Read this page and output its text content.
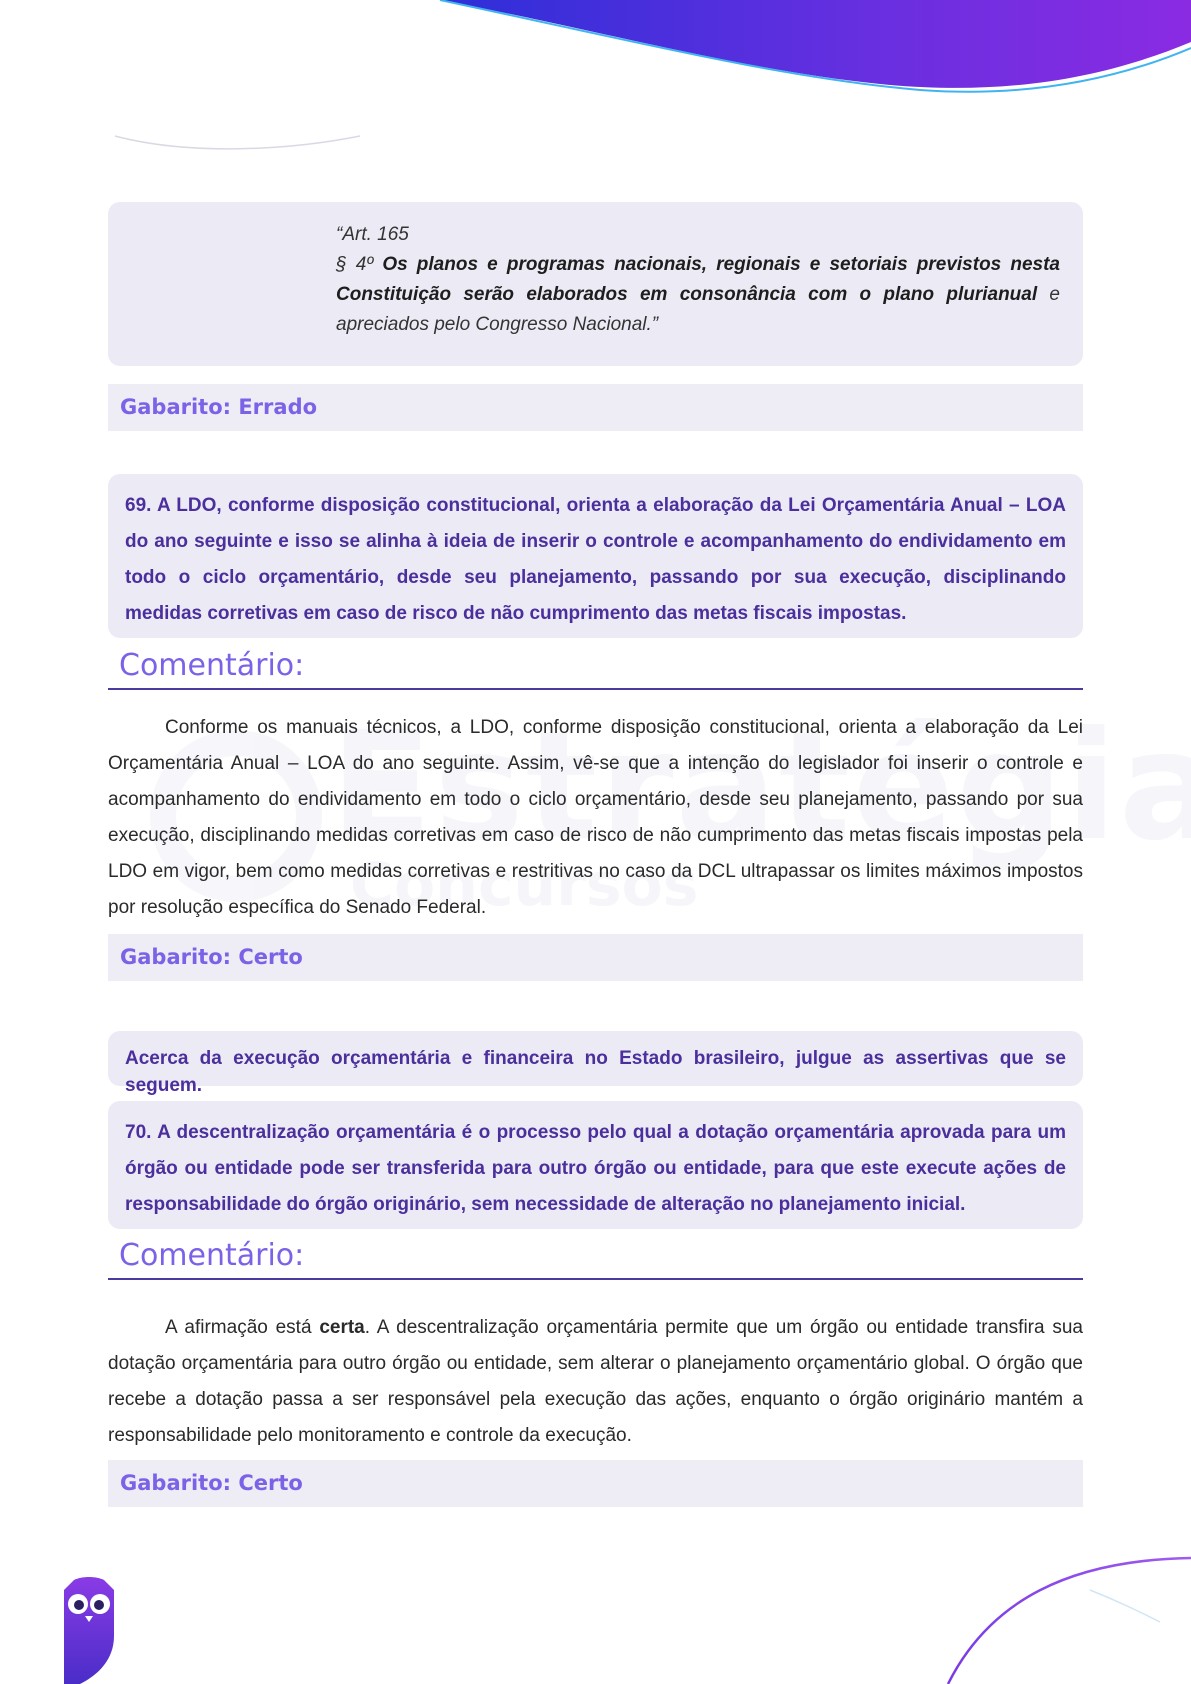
“Art. 165
§ 4º Os planos e programas nacionais, regionais e setoriais previstos nesta Constituição serão elaborados em consonância com o plano plurianual e apreciados pelo Congresso Nacional.”
Gabarito: Errado
69. A LDO, conforme disposição constitucional, orienta a elaboração da Lei Orçamentária Anual – LOA do ano seguinte e isso se alinha à ideia de inserir o controle e acompanhamento do endividamento em todo o ciclo orçamentário, desde seu planejamento, passando por sua execução, disciplinando medidas corretivas em caso de risco de não cumprimento das metas fiscais impostas.
Comentário:

Conforme os manuais técnicos, a LDO, conforme disposição constitucional, orienta a elaboração da Lei Orçamentária Anual – LOA do ano seguinte. Assim, vê-se que a intenção do legislador foi inserir o controle e acompanhamento do endividamento em todo o ciclo orçamentário, desde seu planejamento, passando por sua execução, disciplinando medidas corretivas em caso de risco de não cumprimento das metas fiscais impostas pela LDO em vigor, bem como medidas corretivas e restritivas no caso da DCL ultrapassar os limites máximos impostos por resolução específica do Senado Federal.

Gabarito: Certo
Acerca da execução orçamentária e financeira no Estado brasileiro, julgue as assertivas que se seguem.
70. A descentralização orçamentária é o processo pelo qual a dotação orçamentária aprovada para um órgão ou entidade pode ser transferida para outro órgão ou entidade, para que este execute ações de responsabilidade do órgão originário, sem necessidade de alteração no planejamento inicial.
Comentário:

A afirmação está certa. A descentralização orçamentária permite que um órgão ou entidade transfira sua dotação orçamentária para outro órgão ou entidade, sem alterar o planejamento orçamentário global. O órgão que recebe a dotação passa a ser responsável pela execução das ações, enquanto o órgão originário mantém a responsabilidade pelo monitoramento e controle da execução.

Gabarito: Certo
